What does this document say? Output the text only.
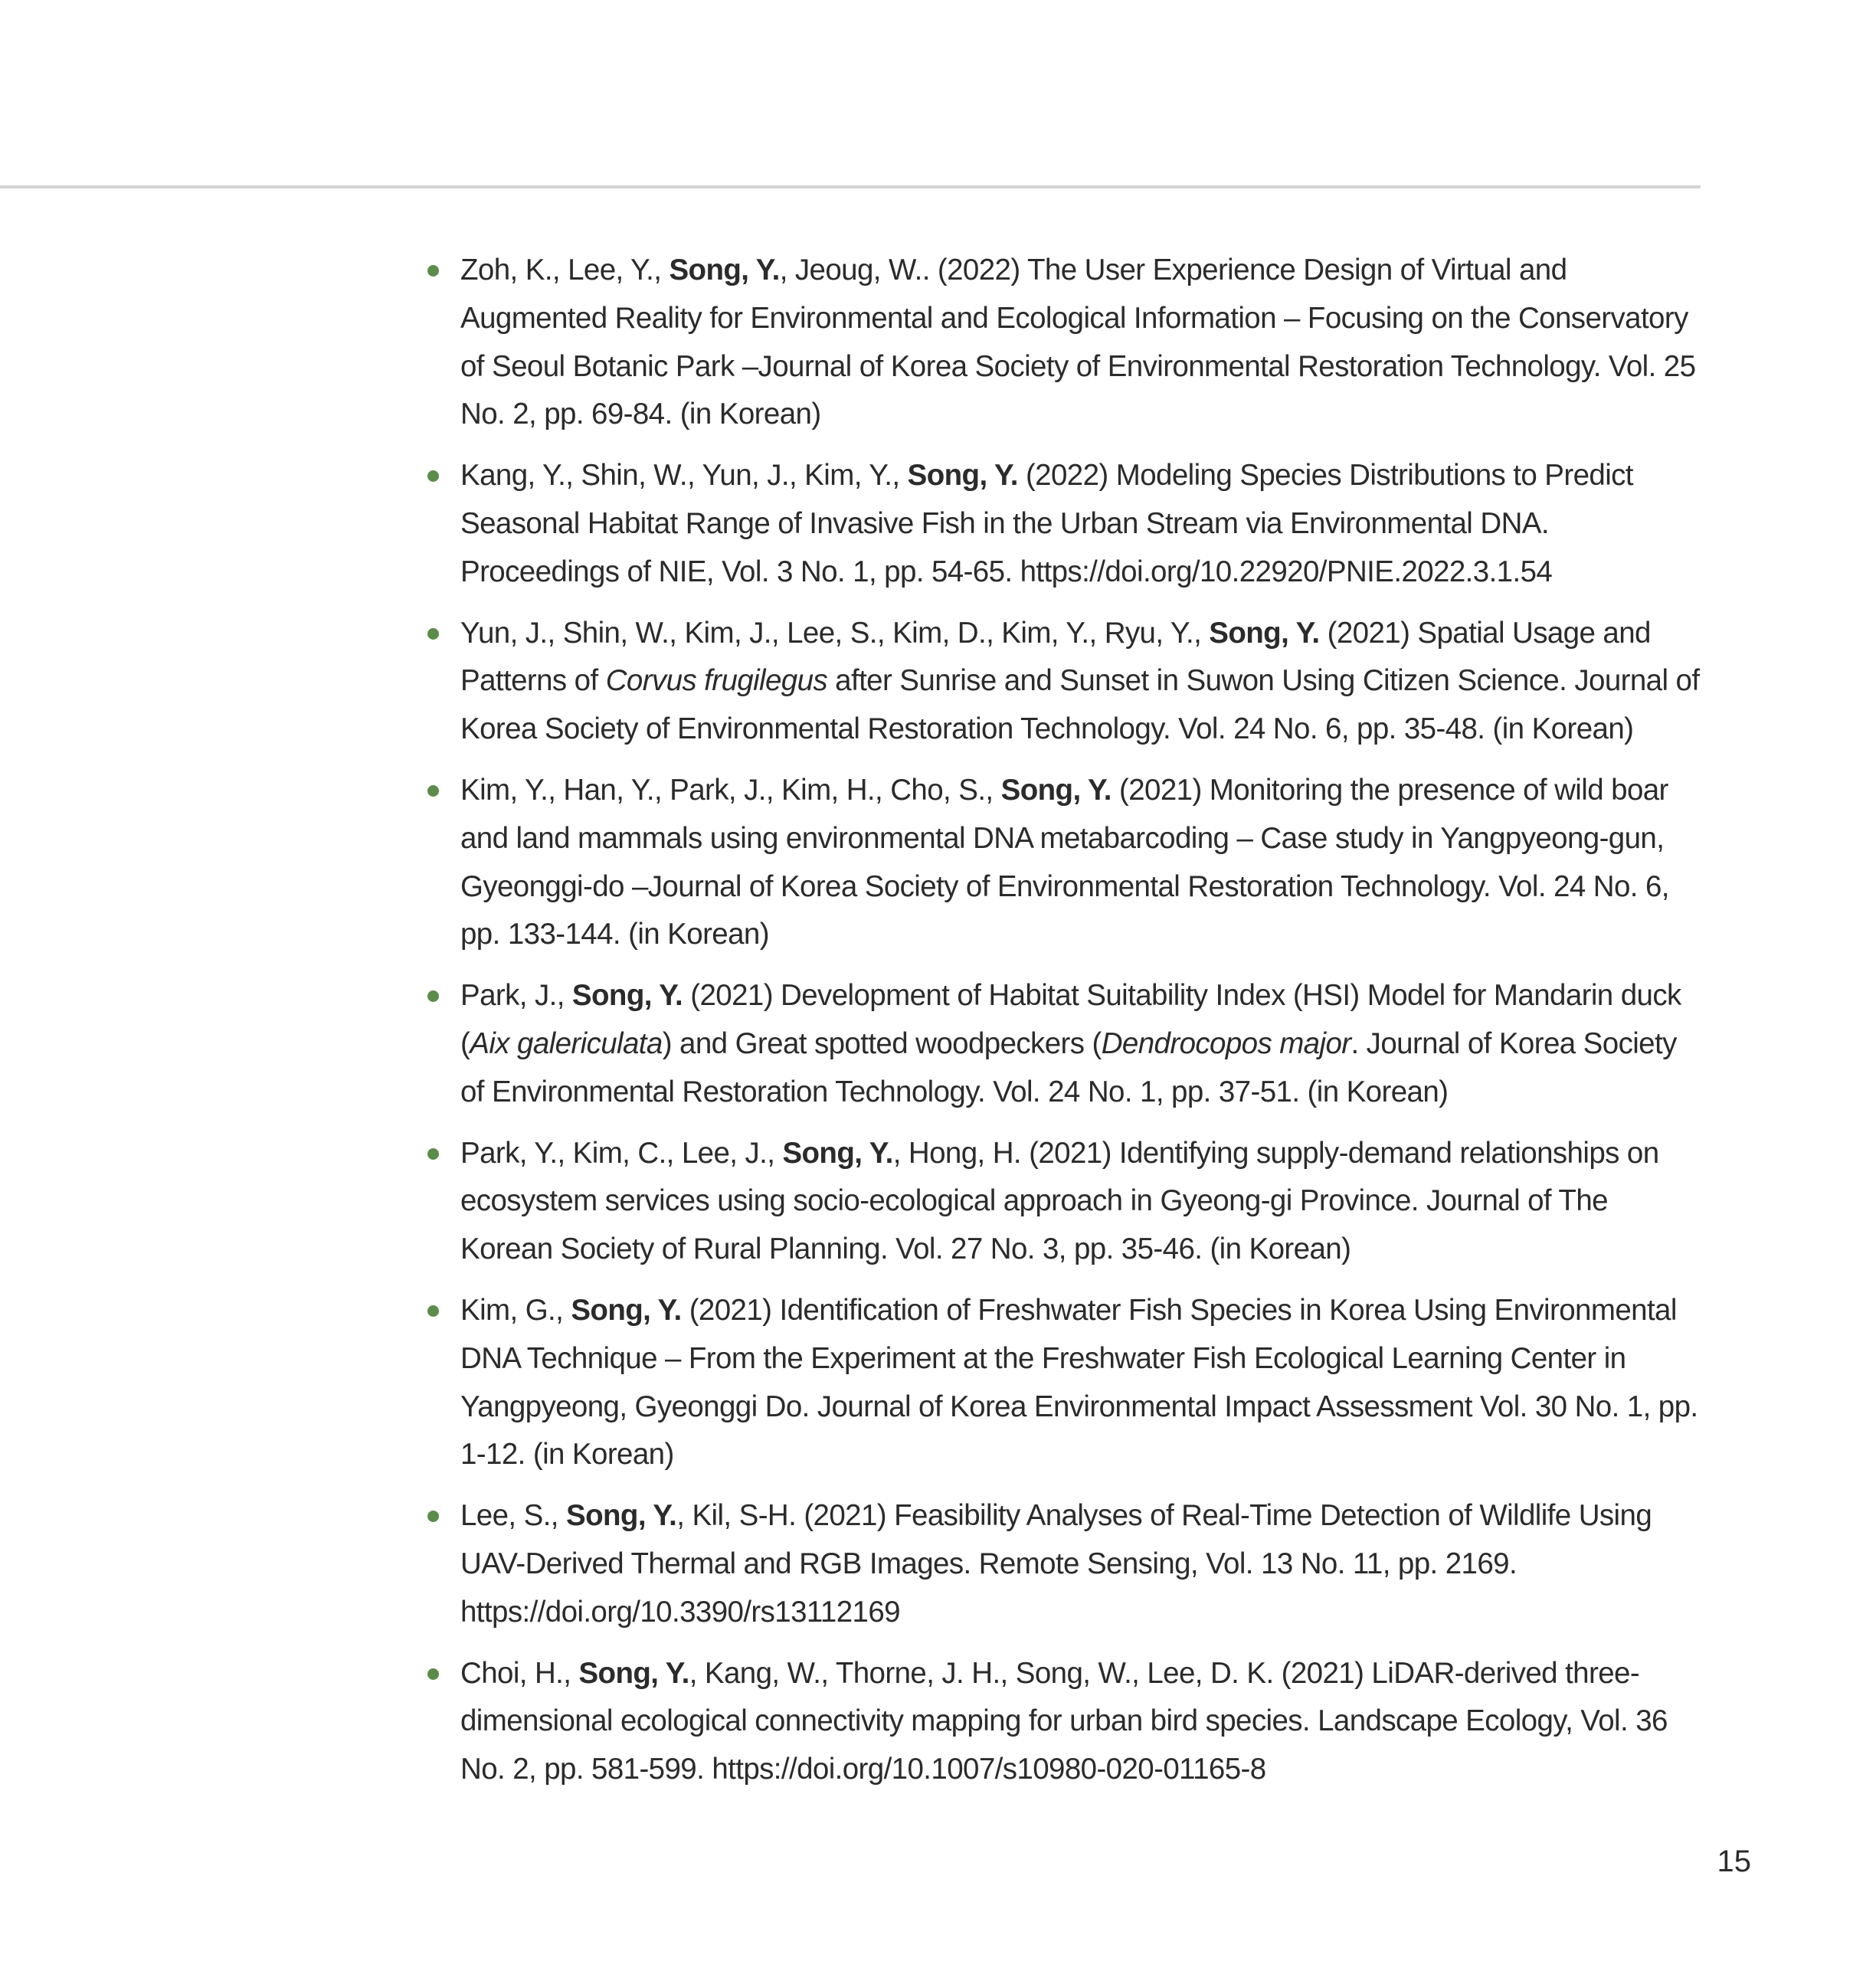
Zoh, K., Lee, Y., Song, Y., Jeoug, W.. (2022) The User Experience Design of Virtual and Augmented Reality for Environmental and Ecological Information – Focusing on the Conservatory of Seoul Botanic Park –Journal of Korea Society of Environmental Restoration Technology. Vol. 25 No. 2, pp. 69-84. (in Korean)
Kang, Y., Shin, W., Yun, J., Kim, Y., Song, Y. (2022) Modeling Species Distributions to Predict Seasonal Habitat Range of Invasive Fish in the Urban Stream via Environmental DNA. Proceedings of NIE, Vol. 3 No. 1, pp. 54-65. https://doi.org/10.22920/PNIE.2022.3.1.54
Yun, J., Shin, W., Kim, J., Lee, S., Kim, D., Kim, Y., Ryu, Y., Song, Y. (2021) Spatial Usage and Patterns of Corvus frugilegus after Sunrise and Sunset in Suwon Using Citizen Science. Journal of Korea Society of Environmental Restoration Technology. Vol. 24 No. 6, pp. 35-48. (in Korean)
Kim, Y., Han, Y., Park, J., Kim, H., Cho, S., Song, Y. (2021) Monitoring the presence of wild boar and land mammals using environmental DNA metabarcoding – Case study in Yangpyeong-gun, Gyeonggi-do –Journal of Korea Society of Environmental Restoration Technology. Vol. 24 No. 6, pp. 133-144. (in Korean)
Park, J., Song, Y. (2021) Development of Habitat Suitability Index (HSI) Model for Mandarin duck (Aix galericulata) and Great spotted woodpeckers (Dendrocopos major. Journal of Korea Society of Environmental Restoration Technology. Vol. 24 No. 1, pp. 37-51. (in Korean)
Park, Y., Kim, C., Lee, J., Song, Y., Hong, H. (2021) Identifying supply-demand relationships on ecosystem services using socio-ecological approach in Gyeong-gi Province. Journal of The Korean Society of Rural Planning. Vol. 27 No. 3, pp. 35-46. (in Korean)
Kim, G., Song, Y. (2021) Identification of Freshwater Fish Species in Korea Using Environmental DNA Technique – From the Experiment at the Freshwater Fish Ecological Learning Center in Yangpyeong, Gyeonggi Do. Journal of Korea Environmental Impact Assessment Vol. 30 No. 1, pp. 1-12. (in Korean)
Lee, S., Song, Y., Kil, S-H. (2021) Feasibility Analyses of Real-Time Detection of Wildlife Using UAV-Derived Thermal and RGB Images. Remote Sensing, Vol. 13 No. 11, pp. 2169. https://doi.org/10.3390/rs13112169
Choi, H., Song, Y., Kang, W., Thorne, J. H., Song, W., Lee, D. K. (2021) LiDAR-derived three-dimensional ecological connectivity mapping for urban bird species. Landscape Ecology, Vol. 36 No. 2, pp. 581-599. https://doi.org/10.1007/s10980-020-01165-8
15
